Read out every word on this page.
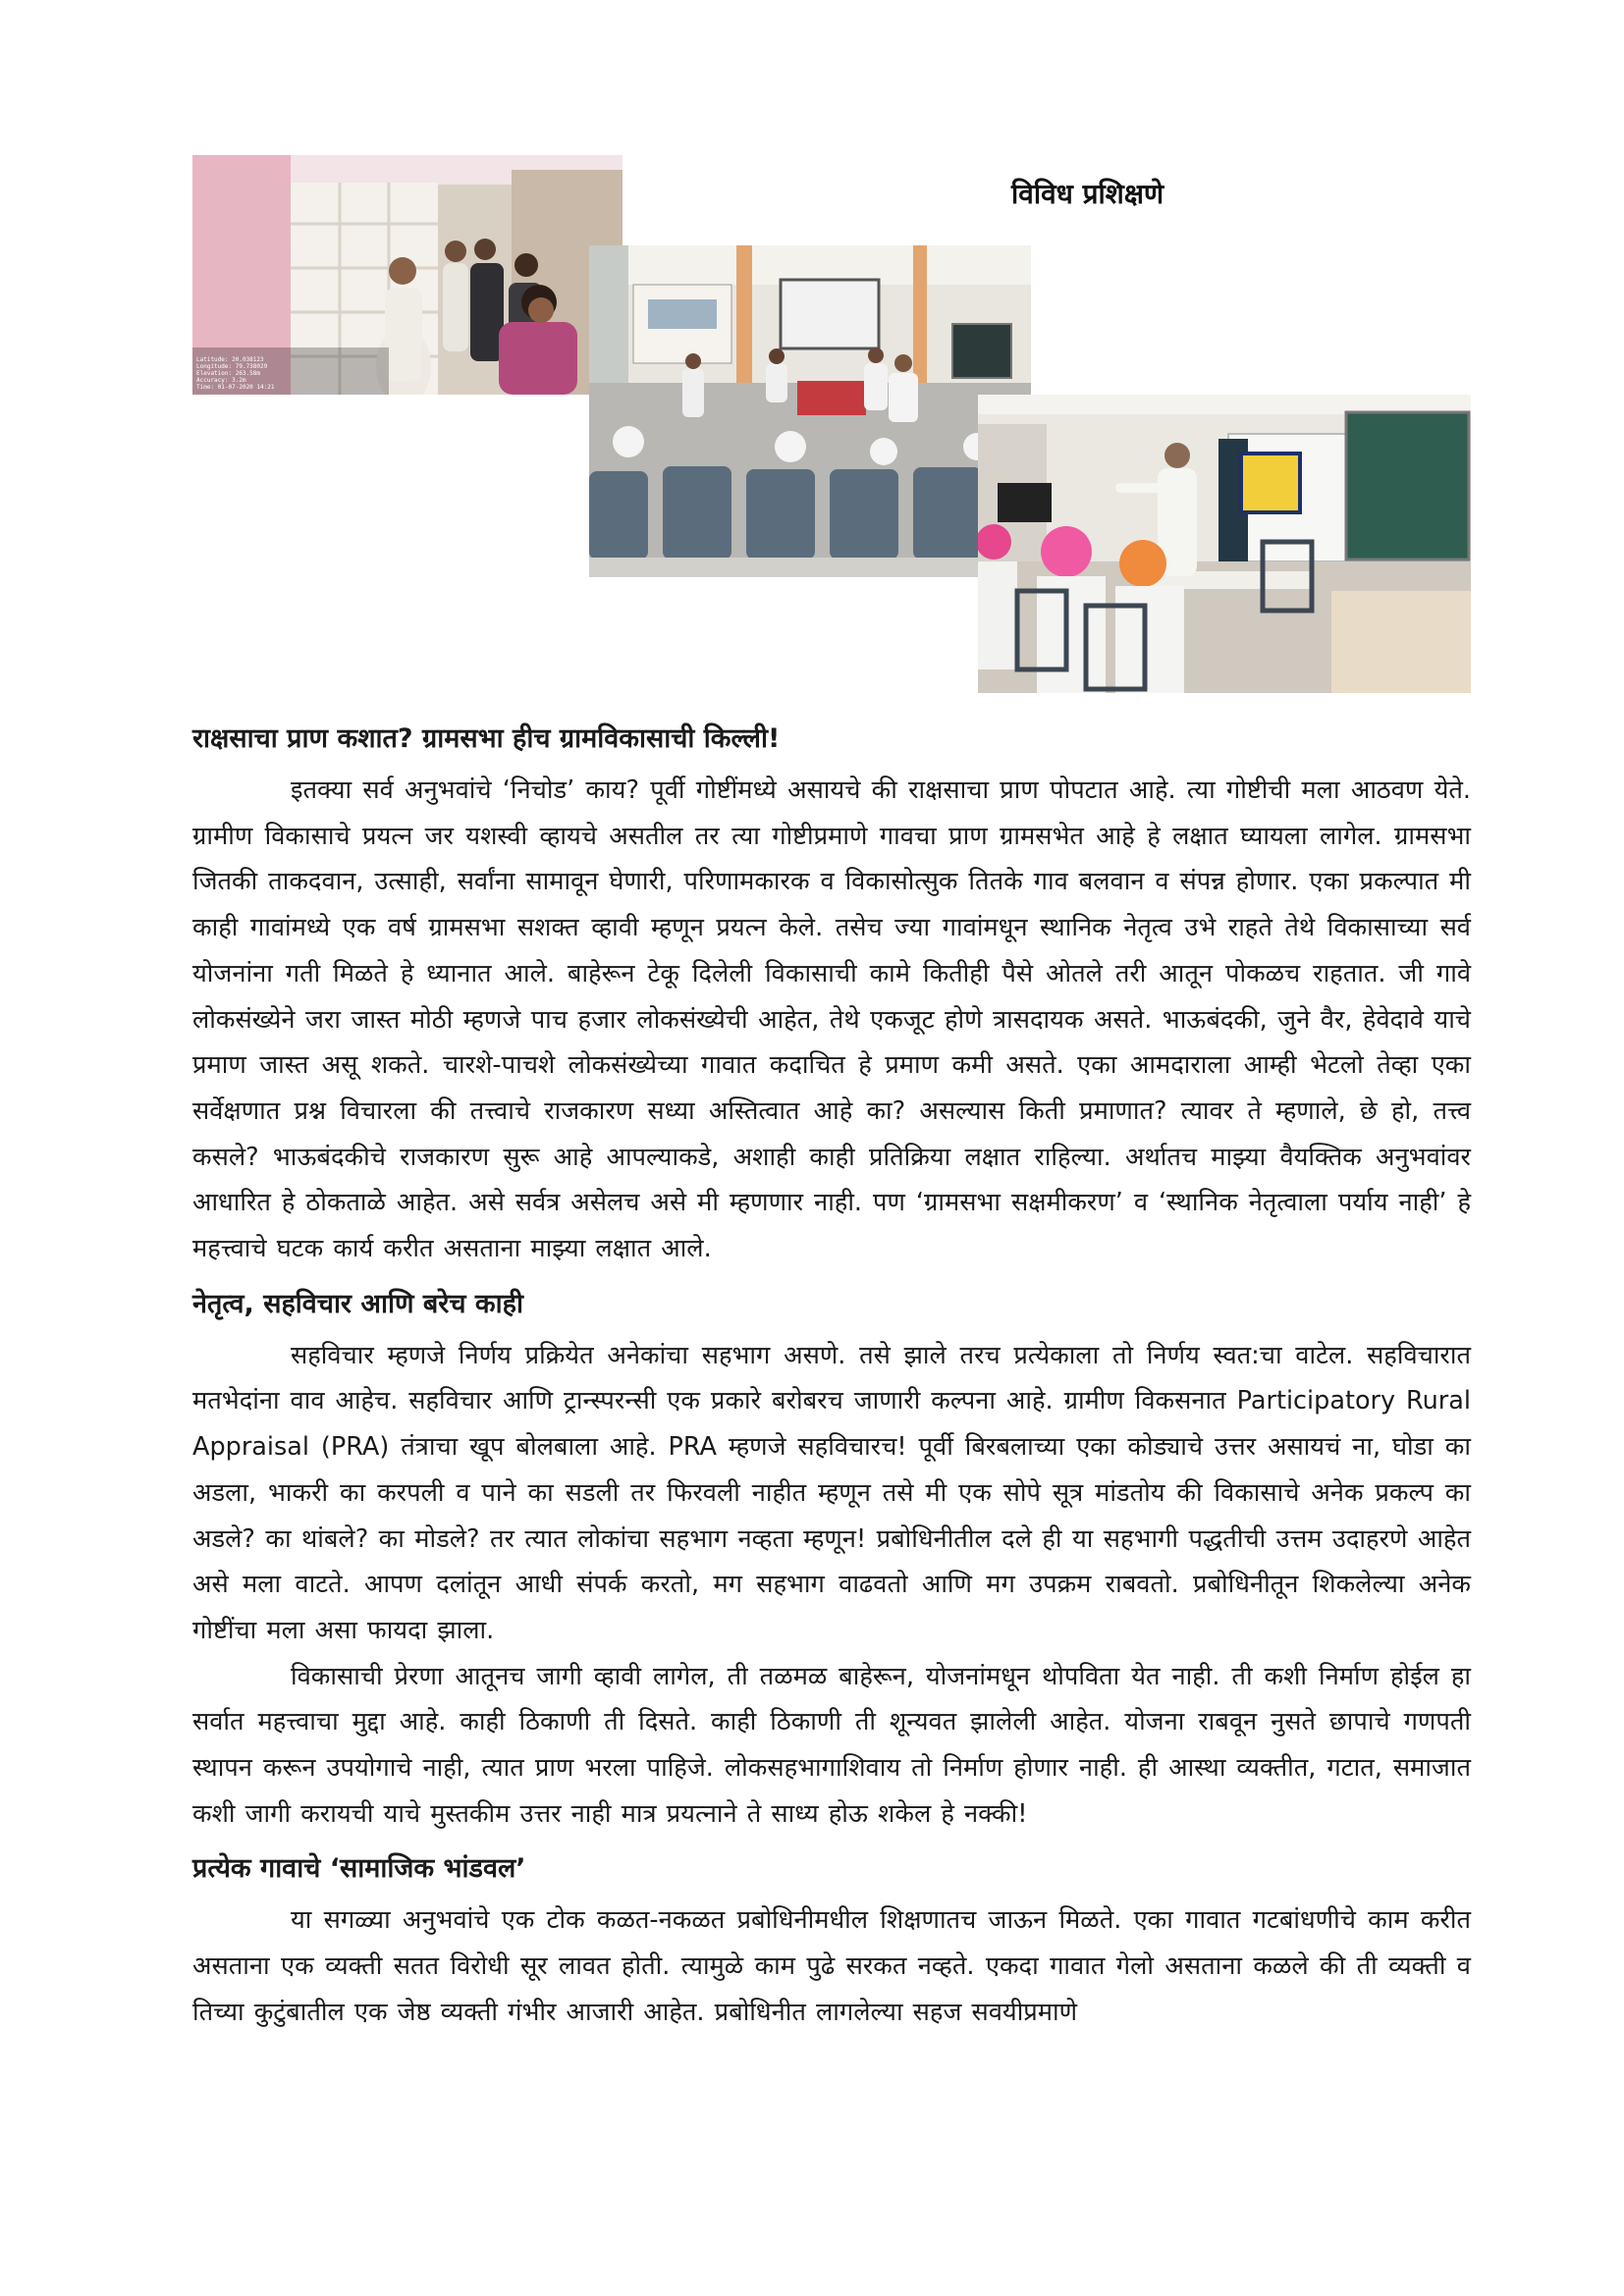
Latitude: 20.038123
Longitude: 79.738029
Elevation: 263.58m
Accuracy: 3.2m
Time: 01-07-2020 14:21
विविध प्रशिक्षणे
राक्षसाचा प्राण कशात? ग्रामसभा हीच ग्रामविकासाची किल्ली!

इतक्या सर्व अनुभवांचे ‘निचोड’ काय? पूर्वी गोष्टींमध्ये असायचे की राक्षसाचा प्राण पोपटात आहे. त्या गोष्टीची मला आठवण येते. ग्रामीण विकासाचे प्रयत्न जर यशस्वी व्हायचे असतील तर त्या गोष्टीप्रमाणे गावचा प्राण ग्रामसभेत आहे हे लक्षात घ्यायला लागेल. ग्रामसभा जितकी ताकदवान, उत्साही, सर्वांना सामावून घेणारी, परिणामकारक व विकासोत्सुक तितके गाव बलवान व संपन्न होणार. एका प्रकल्पात मी काही गावांमध्ये एक वर्ष ग्रामसभा सशक्त व्हावी म्हणून प्रयत्न केले. तसेच ज्या गावांमधून स्थानिक नेतृत्व उभे राहते तेथे विकासाच्या सर्व योजनांना गती मिळते हे ध्यानात आले. बाहेरून टेकू दिलेली विकासाची कामे कितीही पैसे ओतले तरी आतून पोकळच राहतात. जी गावे लोकसंख्येने जरा जास्त मोठी म्हणजे पाच हजार लोकसंख्येची आहेत, तेथे एकजूट होणे त्रासदायक असते. भाऊबंदकी, जुने वैर, हेवेदावे याचे प्रमाण जास्त असू शकते. चारशे-पाचशे लोकसंख्येच्या गावात कदाचित हे प्रमाण कमी असते. एका आमदाराला आम्ही भेटलो तेव्हा एका सर्वेक्षणात प्रश्न विचारला की तत्त्वाचे राजकारण सध्या अस्तित्वात आहे का? असल्यास किती प्रमाणात? त्यावर ते म्हणाले, छे हो, तत्त्व कसले? भाऊबंदकीचे राजकारण सुरू आहे आपल्याकडे, अशाही काही प्रतिक्रिया लक्षात राहिल्या. अर्थातच माझ्या वैयक्तिक अनुभवांवर आधारित हे ठोकताळे आहेत. असे सर्वत्र असेलच असे मी म्हणणार नाही. पण ‘ग्रामसभा सक्षमीकरण’ व ‘स्थानिक नेतृत्वाला पर्याय नाही’ हे महत्त्वाचे घटक कार्य करीत असताना माझ्या लक्षात आले.

नेतृत्व, सहविचार आणि बरेच काही

सहविचार म्हणजे निर्णय प्रक्रियेत अनेकांचा सहभाग असणे. तसे झाले तरच प्रत्येकाला तो निर्णय स्वत:चा वाटेल. सहविचारात मतभेदांना वाव आहेच. सहविचार आणि ट्रान्स्परन्सी एक प्रकारे बरोबरच जाणारी कल्पना आहे. ग्रामीण विकसनात Participatory Rural Appraisal (PRA) तंत्राचा खूप बोलबाला आहे. PRA म्हणजे सहविचारच! पूर्वी बिरबलाच्या एका कोड्याचे उत्तर असायचं ना, घोडा का अडला, भाकरी का करपली व पाने का सडली तर फिरवली नाहीत म्हणून तसे मी एक सोपे सूत्र मांडतोय की विकासाचे अनेक प्रकल्प का अडले? का थांबले? का मोडले? तर त्यात लोकांचा सहभाग नव्हता म्हणून! प्रबोधिनीतील दले ही या सहभागी पद्धतीची उत्तम उदाहरणे आहेत असे मला वाटते. आपण दलांतून आधी संपर्क करतो, मग सहभाग वाढवतो आणि मग उपक्रम राबवतो. प्रबोधिनीतून शिकलेल्या अनेक गोष्टींचा मला असा फायदा झाला.

विकासाची प्रेरणा आतूनच जागी व्हावी लागेल, ती तळमळ बाहेरून, योजनांमधून थोपविता येत नाही. ती कशी निर्माण होईल हा सर्वात महत्त्वाचा मुद्दा आहे. काही ठिकाणी ती दिसते. काही ठिकाणी ती शून्यवत झालेली आहेत. योजना राबवून नुसते छापाचे गणपती स्थापन करून उपयोगाचे नाही, त्यात प्राण भरला पाहिजे. लोकसहभागाशिवाय तो निर्माण होणार नाही. ही आस्था व्यक्तीत, गटात, समाजात कशी जागी करायची याचे मुस्तकीम उत्तर नाही मात्र प्रयत्नाने ते साध्य होऊ शकेल हे नक्की!

प्रत्येक गावाचे ‘सामाजिक भांडवल’

या सगळ्या अनुभवांचे एक टोक कळत-नकळत प्रबोधिनीमधील शिक्षणातच जाऊन मिळते. एका गावात गटबांधणीचे काम करीत असताना एक व्यक्ती सतत विरोधी सूर लावत होती. त्यामुळे काम पुढे सरकत नव्हते. एकदा गावात गेलो असताना कळले की ती व्यक्ती व तिच्या कुटुंबातील एक जेष्ठ व्यक्ती गंभीर आजारी आहेत. प्रबोधिनीत लागलेल्या सहज सवयीप्रमाणे
